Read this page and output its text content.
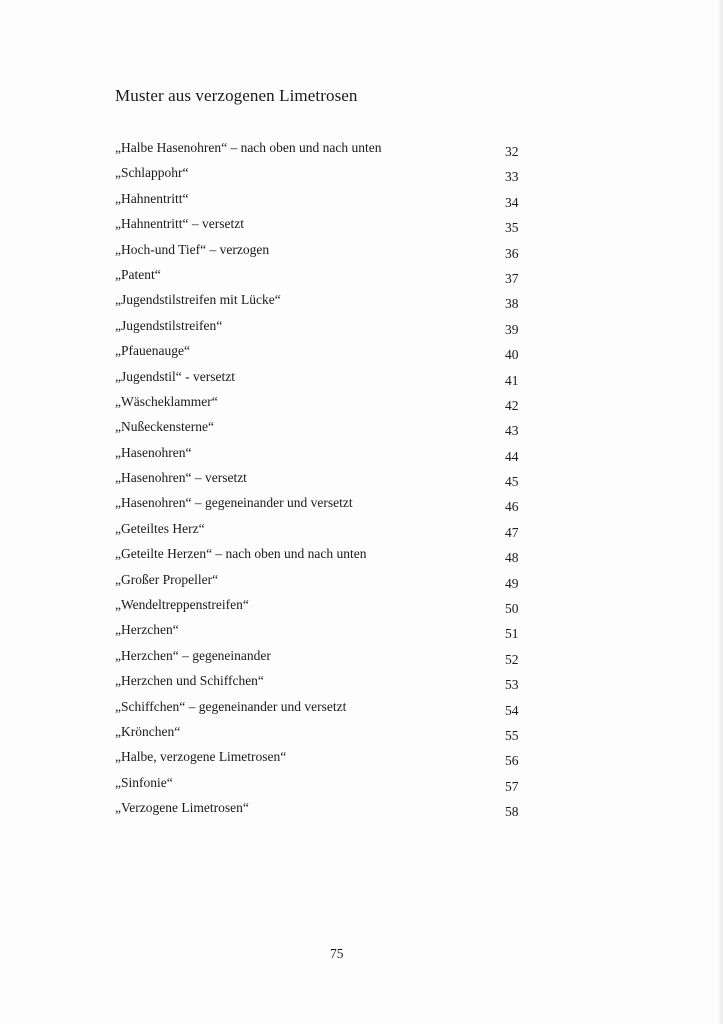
Muster aus verzogenen Limetrosen
„Halbe Hasenohren“ – nach oben und nach unten	32
„Schlappohr“	33
„Hahnentritt“	34
„Hahnentritt“ – versetzt	35
„Hoch-und Tief“ – verzogen	36
„Patent“	37
„Jugendstilstreifen mit Lücke“	38
„Jugendstilstreifen“	39
„Pfauenauge“	40
„Jugendstil“ - versetzt	41
„Wäscheklammer“	42
„Nußeckensterne“	43
„Hasenohren“	44
„Hasenohren“ – versetzt	45
„Hasenohren“ – gegeneinander und versetzt	46
„Geteiltes Herz“	47
„Geteilte Herzen“ – nach oben und nach unten	48
„Großer Propeller“	49
„Wendeltreppenstreifen“	50
„Herzchen“	51
„Herzchen“ – gegeneinander	52
„Herzchen und Schiffchen“	53
„Schiffchen“ – gegeneinander und versetzt	54
„Krönchen“	55
„Halbe, verzogene Limetrosen“	56
„Sinfonie“	57
„Verzogene Limetrosen“	58
75
